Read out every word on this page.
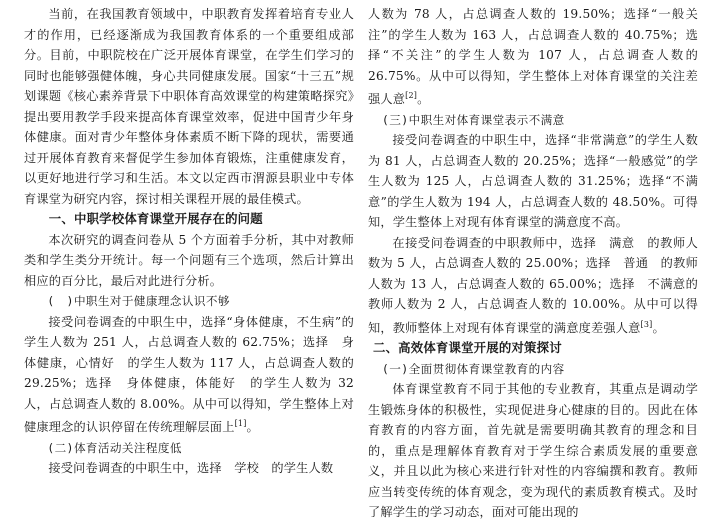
当前，在我国教育领域中，中职教育发挥着培育专业人才的作用，已经逐渐成为我国教育体系的一个重要组成部分。目前，中职院校在广泛开展体育课堂，在学生们学习的同时也能够强健体魄，身心共同健康发展。国家“十三五”规划课题《核心素养背景下中职体育高效课堂的构建策略探究》提出要用教学手段来提高体育课堂效率，促进中国青少年身体健康。面对青少年整体身体素质不断下降的现状，需要通过开展体育教育来督促学生参加体育锻炼，注重健康发育，以更好地进行学习和生活。本文以定西市渭源县职业中专体育课堂为研究内容，探讨相关课程开展的最佳模式。

一、中职学校体育课堂开展存在的问题

本次研究的调查问卷从 5 个方面着手分析，其中对教师类和学生类分开统计。每一个问题有三个选项，然后计算出相应的百分比，最后对此进行分析。

(　)中职生对于健康理念认识不够

接受问卷调查的中职生中，选择“身体健康，不生病”的学生人数为 251 人，占总调查人数的 62.75%；选择　身体健康，心情好　的学生人数为 117 人，占总调查人数的 29.25%；选择　身体健康，体能好　的学生人数为 32 人，占总调查人数的 8.00%。从中可以得知，学生整体上对健康理念的认识停留在传统理解层面上[1]。

(二)体育活动关注程度低

接受问卷调查的中职生中，选择　学校　的学生人数

人数为 78 人，占总调查人数的 19.50%；选择“一般关注”的学生人数为 163 人，占总调查人数的 40.75%；选择“不关注”的学生人数为 107 人，占总调查人数的 26.75%。从中可以得知，学生整体上对体育课堂的关注差强人意[2]。

(三)中职生对体育课堂表示不满意

接受问卷调查的中职生中，选择“非常满意”的学生人数为 81 人，占总调查人数的 20.25%；选择“一般感觉”的学生人数为 125 人，占总调查人数的 31.25%；选择“不满意”的学生人数为 194 人，占总调查人数的 48.50%。可得知，学生整体上对现有体育课堂的满意度不高。

在接受问卷调查的中职教师中，选择　满意　的教师人数为 5 人，占总调查人数的 25.00%；选择　普通　的教师人数为 13 人，占总调查人数的 65.00%；选择　不满意的教师人数为 2 人，占总调查人数的 10.00%。从中可以得知，教师整体上对现有体育课堂的满意度差强人意[3]。

二、高效体育课堂开展的对策探讨

(一)全面贯彻体育课堂教育的内容

体育课堂教育不同于其他的专业教育，其重点是调动学生锻炼身体的积极性，实现促进身心健康的目的。因此在体育教育的内容方面，首先就是需要明确其教育的理念和目的，重点是理解体育教育对于学生综合素质发展的重要意义，并且以此为核心来进行针对性的内容编撰和教育。教师应当转变传统的体育观念，变为现代的素质教育模式。及时了解学生的学习动态，面对可能出现的
